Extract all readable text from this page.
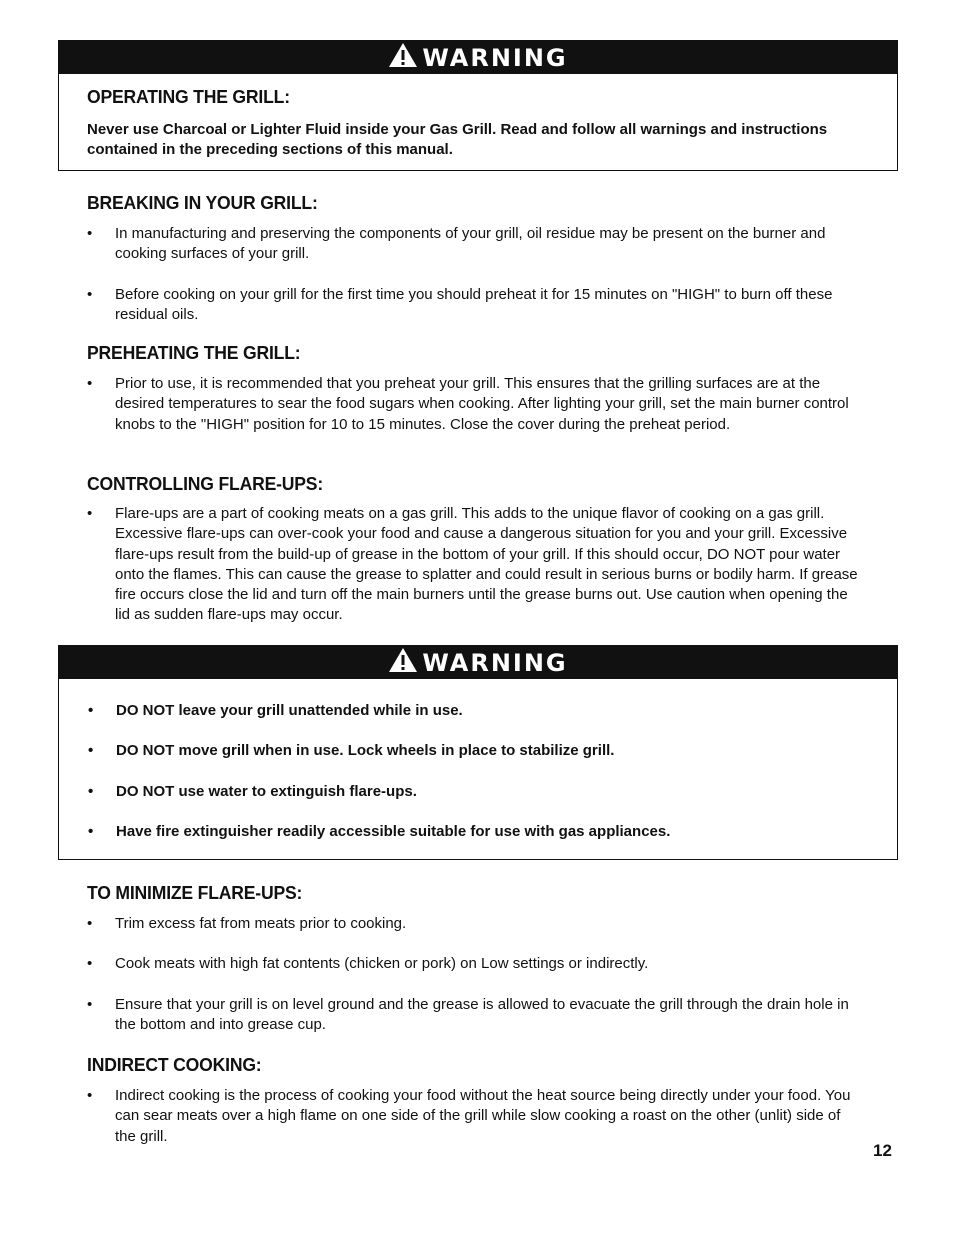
WARNING
OPERATING THE GRILL:
Never use Charcoal or Lighter Fluid inside your Gas Grill. Read and follow all warnings and instructions contained in the preceding sections of this manual.
BREAKING IN YOUR GRILL:
•	In manufacturing and preserving the components of your grill, oil residue may be present on the burner and cooking surfaces of your grill.
•	Before cooking on your grill for the first time you should preheat it for 15 minutes on "HIGH" to burn off these residual oils.
PREHEATING THE GRILL:
•	Prior to use, it is recommended that you preheat your grill. This ensures that the grilling surfaces are at the desired temperatures to sear the food sugars when cooking. After lighting your grill, set the main burner control knobs to the "HIGH" position for 10 to 15 minutes. Close the cover during the preheat period.
CONTROLLING FLARE-UPS:
•	Flare-ups are a part of cooking meats on a gas grill. This adds to the unique flavor of cooking on a gas grill. Excessive flare-ups can over-cook your food and cause a dangerous situation for you and your grill. Excessive flare-ups result from the build-up of grease in the bottom of your grill. If this should occur, DO NOT pour water onto the flames. This can cause the grease to splatter and could result in serious burns or bodily harm. If grease fire occurs close the lid and turn off the main burners until the grease burns out. Use caution when opening the lid as sudden flare-ups may occur.
WARNING
•	DO NOT leave your grill unattended while in use.
•	DO NOT move grill when in use. Lock wheels in place to stabilize grill.
•	DO NOT use water to extinguish flare-ups.
•	Have fire extinguisher readily accessible suitable for use with gas appliances.
TO MINIMIZE FLARE-UPS:
•	Trim excess fat from meats prior to cooking.
•	Cook meats with high fat contents (chicken or pork) on Low settings or indirectly.
•	Ensure that your grill is on level ground and the grease is allowed to evacuate the grill through the drain hole in the bottom and into grease cup.
INDIRECT COOKING:
•	Indirect cooking is the process of cooking your food without the heat source being directly under your food. You can sear meats over a high flame on one side of the grill while slow cooking a roast on the other (unlit) side of the grill.
12
